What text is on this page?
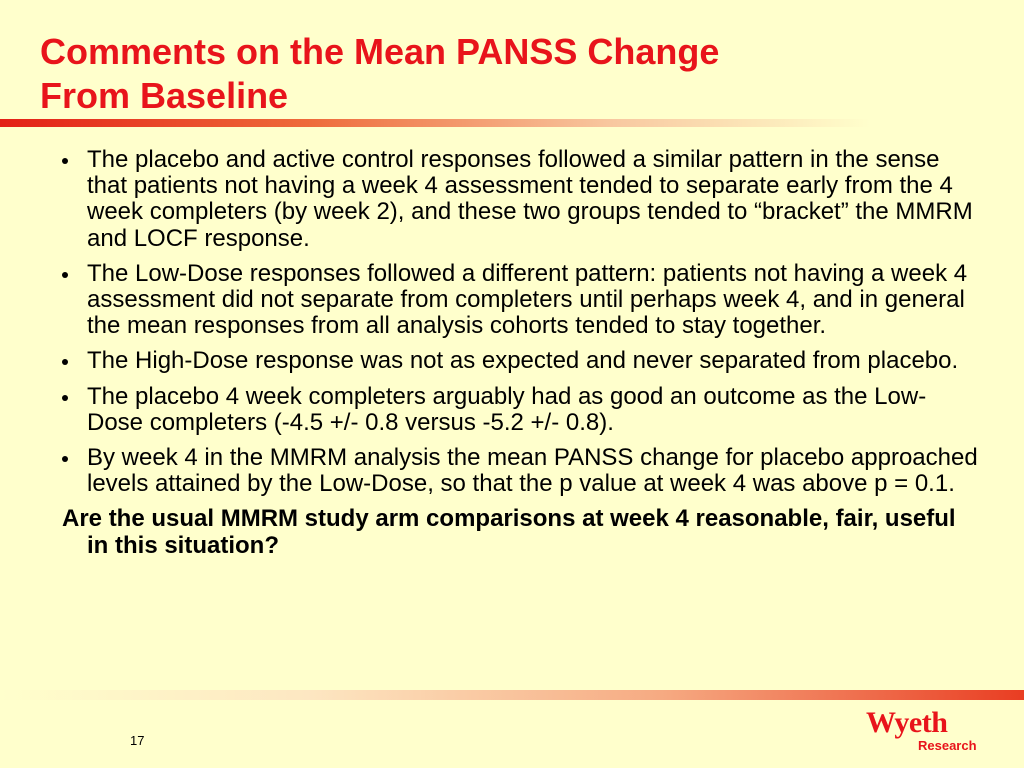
Comments on the Mean PANSS Change
From Baseline
The placebo and active control responses followed a similar pattern in the sense that patients not having a week 4 assessment tended to separate early from the 4 week completers (by week 2), and these two groups tended to “bracket” the MMRM and LOCF response.
The Low-Dose responses followed a different pattern: patients not having a week 4 assessment did not separate from completers until perhaps week 4, and in general the mean responses from all analysis cohorts tended to stay together.
The High-Dose response was not as expected and never separated from placebo.
The placebo 4 week completers arguably had as good an outcome as the Low-Dose completers (-4.5 +/- 0.8 versus -5.2 +/- 0.8).
By week 4 in the MMRM analysis the mean PANSS change for placebo approached levels attained by the Low-Dose, so that the p value at week 4 was above p = 0.1.

Are the usual MMRM study arm comparisons at week 4 reasonable, fair, useful in this situation?

17
Wyeth
Research
